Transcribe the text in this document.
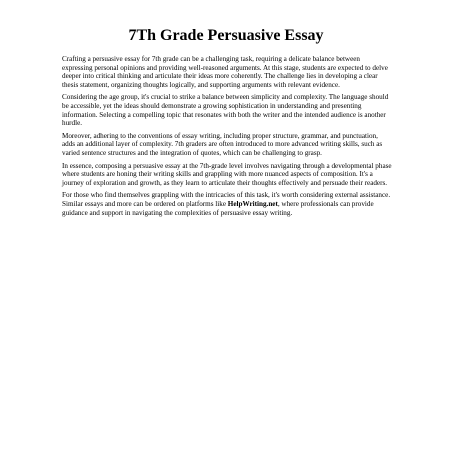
7Th Grade Persuasive Essay

Crafting a persuasive essay for 7th grade can be a challenging task, requiring a delicate balance between expressing personal opinions and providing well-reasoned arguments. At this stage, students are expected to delve deeper into critical thinking and articulate their ideas more coherently. The challenge lies in developing a clear thesis statement, organizing thoughts logically, and supporting arguments with relevant evidence.

Considering the age group, it's crucial to strike a balance between simplicity and complexity. The language should be accessible, yet the ideas should demonstrate a growing sophistication in understanding and presenting information. Selecting a compelling topic that resonates with both the writer and the intended audience is another hurdle.

Moreover, adhering to the conventions of essay writing, including proper structure, grammar, and punctuation, adds an additional layer of complexity. 7th graders are often introduced to more advanced writing skills, such as varied sentence structures and the integration of quotes, which can be challenging to grasp.

In essence, composing a persuasive essay at the 7th-grade level involves navigating through a developmental phase where students are honing their writing skills and grappling with more nuanced aspects of composition. It's a journey of exploration and growth, as they learn to articulate their thoughts effectively and persuade their readers.

For those who find themselves grappling with the intricacies of this task, it's worth considering external assistance. Similar essays and more can be ordered on platforms like HelpWriting.net, where professionals can provide guidance and support in navigating the complexities of persuasive essay writing.
